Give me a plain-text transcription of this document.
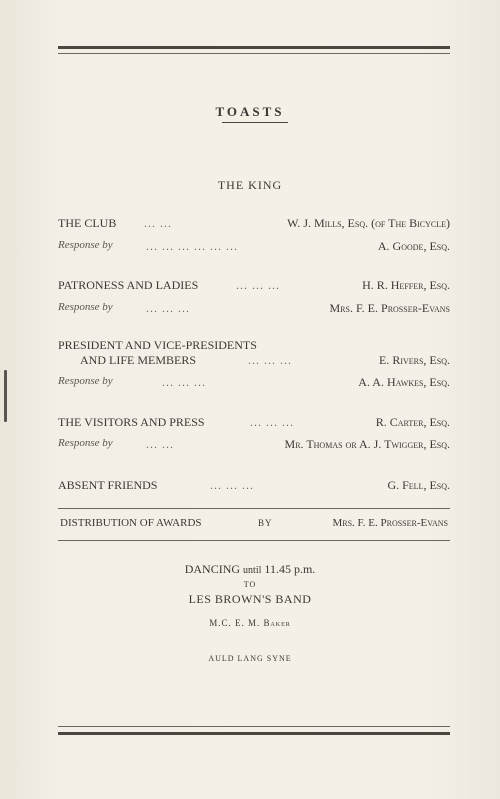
TOASTS
THE KING
THE CLUB ... ...	W. J. Mills, Esq. (of The Bicycle)
Response by	... ... ... ... ... ...	A. Goode, Esq.
PATRONESS AND LADIES	... ... ...	H. R. Heffer, Esq.
Response by	... ... ...	Mrs. F. E. Prosser-Evans
PRESIDENT AND VICE-PRESIDENTS
AND LIFE MEMBERS	... ... ...	E. Rivers, Esq.
Response by	... ... ...	A. A. Hawkes, Esq.
THE VISITORS AND PRESS	... ... ...	R. Carter, Esq.
Response by	... ...	Mr. Thomas or A. J. Twigger, Esq.
ABSENT FRIENDS	... ... ...	G. Fell, Esq.
DISTRIBUTION OF AWARDS	BY	Mrs. F. E. Prosser-Evans
DANCING until 11.45 p.m.
TO
LES BROWN'S BAND
M.C. E. M. Baker
AULD LANG SYNE
